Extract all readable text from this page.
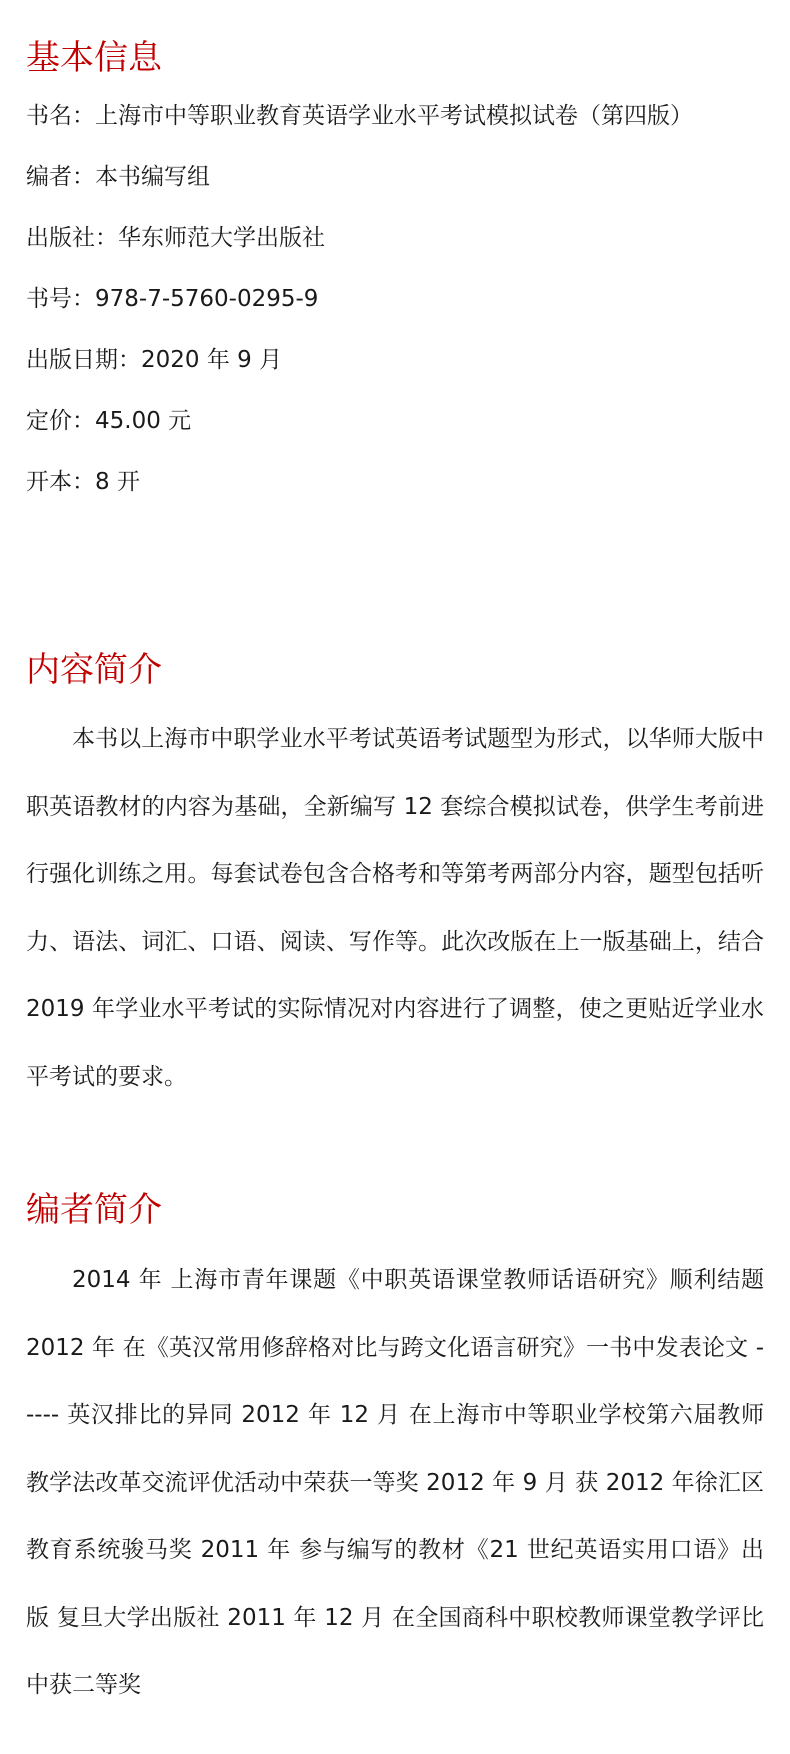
基本信息

书名：上海市中等职业教育英语学业水平考试模拟试卷（第四版）

编者：本书编写组

出版社：华东师范大学出版社

书号：978-7-5760-0295-9

出版日期：2020 年 9 月

定价：45.00 元

开本：8 开

内容简介

本书以上海市中职学业水平考试英语考试题型为形式，以华师大版中职英语教材的内容为基础，全新编写 12 套综合模拟试卷，供学生考前进行强化训练之用。每套试卷包含合格考和等第考两部分内容，题型包括听力、语法、词汇、口语、阅读、写作等。此次改版在上一版基础上，结合 2019 年学业水平考试的实际情况对内容进行了调整，使之更贴近学业水平考试的要求。

编者简介

2014 年 上海市青年课题《中职英语课堂教师话语研究》顺利结题 2012 年 在《英汉常用修辞格对比与跨文化语言研究》一书中发表论文 ----- 英汉排比的异同 2012 年 12 月 在上海市中等职业学校第六届教师教学法改革交流评优活动中荣获一等奖 2012 年 9 月 获 2012 年徐汇区教育系统骏马奖 2011 年 参与编写的教材《21 世纪英语实用口语》出版 复旦大学出版社 2011 年 12 月 在全国商科中职校教师课堂教学评比中获二等奖
